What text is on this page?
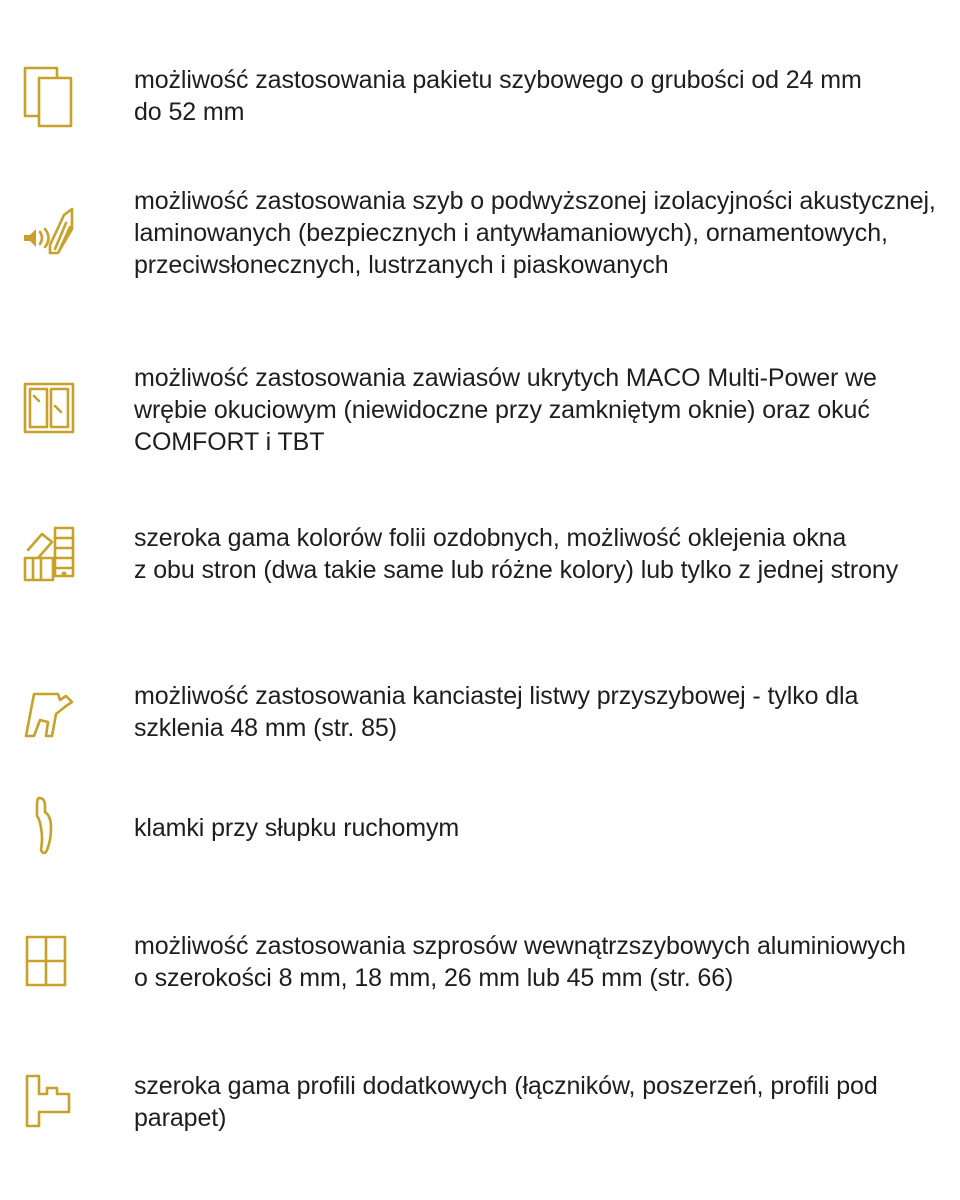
możliwość zastosowania pakietu szybowego o grubości od 24 mm
do 52 mm

możliwość zastosowania szyb o podwyższonej izolacyjności akustycznej,
laminowanych (bezpiecznych i antywłamaniowych), ornamentowych,
przeciwsłonecznych, lustrzanych i piaskowanych

możliwość zastosowania zawiasów ukrytych MACO Multi-Power we
wrębie okuciowym (niewidoczne przy zamkniętym oknie) oraz okuć
COMFORT i TBT

szeroka gama kolorów folii ozdobnych, możliwość oklejenia okna
z obu stron (dwa takie same lub różne kolory) lub tylko z jednej strony

możliwość zastosowania kanciastej listwy przyszybowej - tylko dla
szklenia 48 mm (str. 85)

klamki przy słupku ruchomym

możliwość zastosowania szprosów wewnątrzszybowych aluminiowych
o szerokości 8 mm, 18 mm, 26 mm lub 45 mm (str. 66)

szeroka gama profili dodatkowych (łączników, poszerzeń, profili pod
parapet)
